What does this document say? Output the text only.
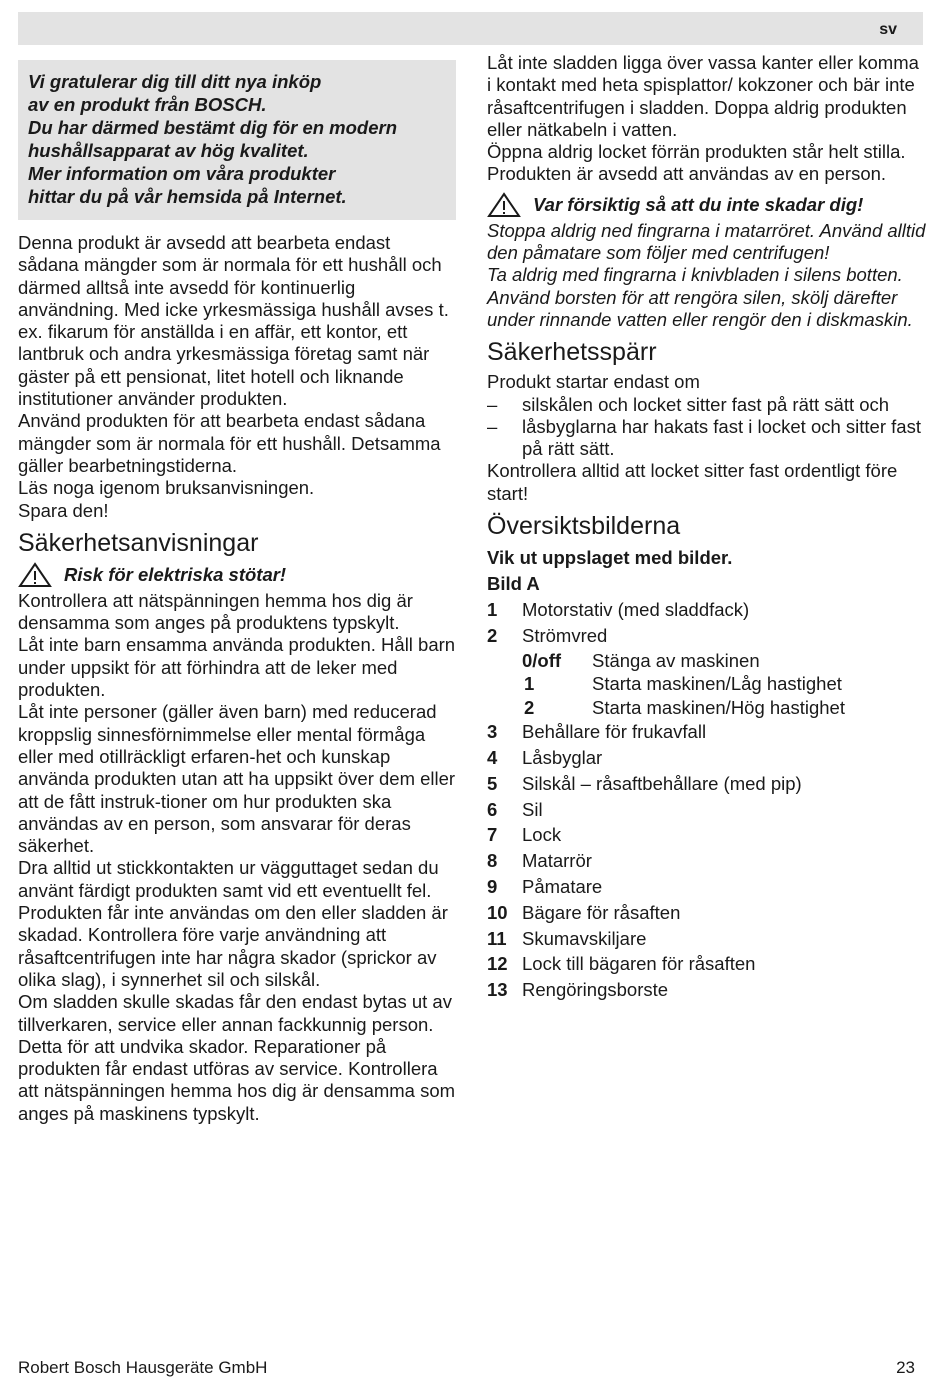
sv
Vi gratulerar dig till ditt nya inköp
av en produkt från BOSCH.
Du har därmed bestämt dig för en modern
hushållsapparat av hög kvalitet.
Mer information om våra produkter
hittar du på vår hemsida på Internet.

Denna produkt är avsedd att bearbeta endast sådana mängder som är normala för ett hushåll och därmed alltså inte avsedd för kontinuerlig användning. Med icke yrkesmässiga hushåll avses t. ex. fikarum för anställda i en affär, ett kontor, ett lantbruk och andra yrkesmässiga företag samt när gäster på ett pensionat, litet hotell och liknande institutioner använder produkten.

Använd produkten för att bearbeta endast sådana mängder som är normala för ett hushåll. Detsamma gäller bearbetningstiderna.

Läs noga igenom bruksanvisningen.

Spara den!

Säkerhetsanvisningar
Risk för elektriska stötar!

Kontrollera att nätspänningen hemma hos dig är densamma som anges på produktens typskylt.

Låt inte barn ensamma använda produkten. Håll barn under uppsikt för att förhindra att de leker med produkten.

Låt inte personer (gäller även barn) med reducerad kroppslig sinnesförnimmelse eller mental förmåga eller med otillräckligt erfaren-het och kunskap använda produkten utan att ha uppsikt över dem eller att de fått instruk-tioner om hur produkten ska användas av en person, som ansvarar för deras säkerhet.

Dra alltid ut stickkontakten ur vägguttaget sedan du använt färdigt produkten samt vid ett eventuellt fel.

Produkten får inte användas om den eller sladden är skadad. Kontrollera före varje användning att råsaftcentrifugen inte har några skador (sprickor av olika slag), i synnerhet sil och silskål.

Om sladden skulle skadas får den endast bytas ut av tillverkaren, service eller annan fackkunnig person. Detta för att undvika skador. Reparationer på produkten får endast utföras av service. Kontrollera att nätspänningen hemma hos dig är densamma som anges på maskinens typskylt.

Låt inte sladden ligga över vassa kanter eller komma i kontakt med heta spisplattor/ kokzoner och bär inte råsaftcentrifugen i sladden. Doppa aldrig produkten eller nätkabeln i vatten.

Öppna aldrig locket förrän produkten står helt stilla.

Produkten är avsedd att användas av en person.

Var försiktig så att du inte skadar dig!

Stoppa aldrig ned fingrarna i matarröret. Använd alltid den påmatare som följer med centrifugen!

Ta aldrig med fingrarna i knivbladen i silens botten. Använd borsten för att rengöra silen, skölj därefter under rinnande vatten eller rengör den i diskmaskin.

Säkerhetsspärr

Produkt startar endast om

–	silskålen och locket sitter fast på rätt sätt och
–	låsbyglarna har hakats fast i locket och sitter fast på rätt sätt.

Kontrollera alltid att locket sitter fast ordentligt före start!

Översiktsbilderna

Vik ut uppslaget med bilder.

Bild A

1	Motorstativ (med sladdfack)
2	Strömvred
0/off	Stänga av maskinen
1	Starta maskinen/Låg hastighet
2	Starta maskinen/Hög hastighet
3	Behållare för frukavfall
4	Låsbyglar
5	Silskål – råsaftbehållare (med pip)
6	Sil
7	Lock
8	Matarrör
9	Påmatare
10 Bägare för råsaften
11 Skumavskiljare
12 Lock till bägaren för råsaften
13 Rengöringsborste
Robert Bosch Hausgeräte GmbH	23
